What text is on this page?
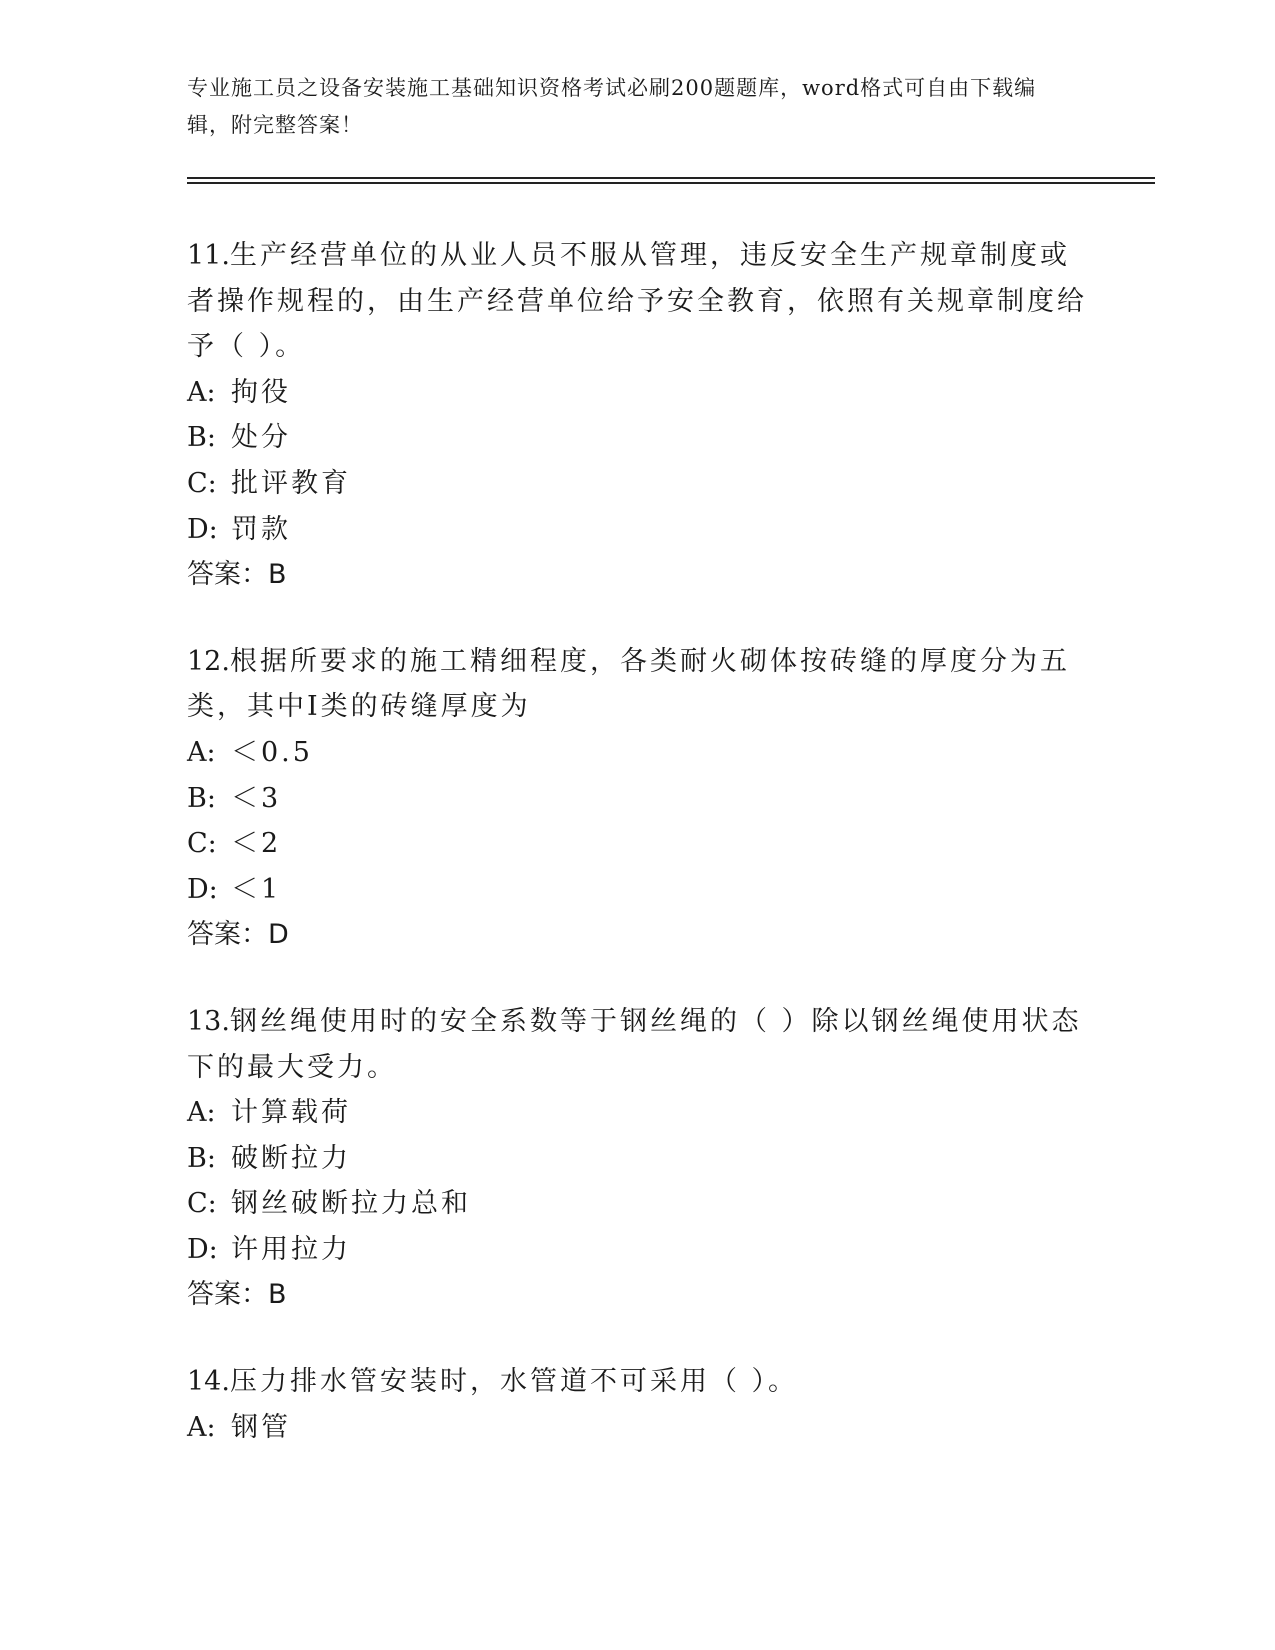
专业施工员之设备安装施工基础知识资格考试必刷200题题库，word格式可自由下载编辑，附完整答案！

11.生产经营单位的从业人员不服从管理，违反安全生产规章制度或者操作规程的，由生产经营单位给予安全教育，依照有关规章制度给予（ ）。

A: 拘役

B: 处分

C: 批评教育

D: 罚款

答案：B

12.根据所要求的施工精细程度，各类耐火砌体按砖缝的厚度分为五类，其中Ⅰ类的砖缝厚度为

A: ＜0.5

B: ＜3

C: ＜2

D: ＜1

答案：D

13.钢丝绳使用时的安全系数等于钢丝绳的（ ）除以钢丝绳使用状态下的最大受力。

A: 计算载荷

B: 破断拉力

C: 钢丝破断拉力总和

D: 许用拉力

答案：B

14.压力排水管安装时，水管道不可采用（ ）。

A: 钢管
